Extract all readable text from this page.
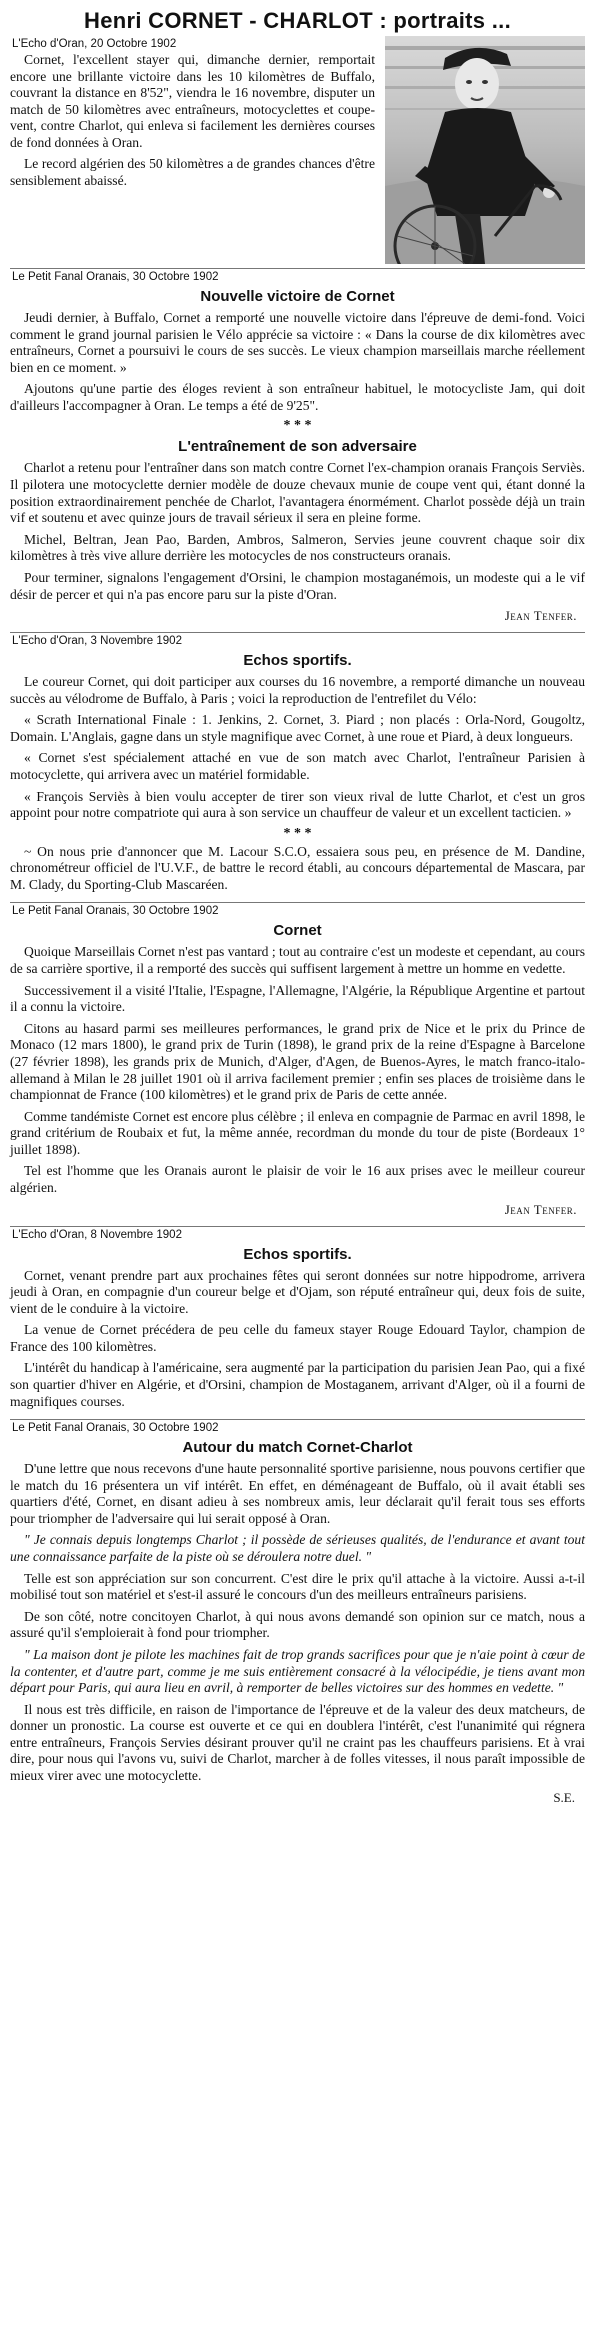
Henri CORNET - CHARLOT : portraits ...
L'Echo d'Oran, 20 Octobre 1902

Cornet, l'excellent stayer qui, dimanche dernier, remportait encore une brillante victoire dans les 10 kilomètres de Buffalo, couvrant la distance en 8'52", viendra le 16 novembre, disputer un match de 50 kilomètres avec entraîneurs, motocyclettes et coupe-vent, contre Charlot, qui enleva si facilement les dernières courses de fond données à Oran.

Le record algérien des 50 kilomètres a de grandes chances d'être sensiblement abaissé.

Le Petit Fanal Oranais, 30 Octobre 1902
Nouvelle victoire de Cornet

Jeudi dernier, à Buffalo, Cornet a remporté une nouvelle victoire dans l'épreuve de demi-fond. Voici comment le grand journal parisien le Vélo apprécie sa victoire : « Dans la course de dix kilomètres avec entraîneurs, Cornet a poursuivi le cours de ses succès. Le vieux champion marseillais marche réellement bien en ce moment. »

Ajoutons qu'une partie des éloges revient à son entraîneur habituel, le motocycliste Jam, qui doit d'ailleurs l'accompagner à Oran. Le temps a été de 9'25".

* * *
L'entraînement de son adversaire

Charlot a retenu pour l'entraîner dans son match contre Cornet l'ex-champion oranais François Serviès. Il pilotera une motocyclette dernier modèle de douze chevaux munie de coupe vent qui, étant donné la position extraordinairement penchée de Charlot, l'avantagera énormément. Charlot possède déjà un train vif et soutenu et avec quinze jours de travail sérieux il sera en pleine forme.

Michel, Beltran, Jean Pao, Barden, Ambros, Salmeron, Servies jeune couvrent chaque soir dix kilomètres à très vive allure derrière les motocycles de nos constructeurs oranais.

Pour terminer, signalons l'engagement d'Orsini, le champion mostaganémois, un modeste qui a le vif désir de percer et qui n'a pas encore paru sur la piste d'Oran.

Jean Tenfer.
L'Echo d'Oran, 3 Novembre 1902
Echos sportifs.

Le coureur Cornet, qui doit participer aux courses du 16 novembre, a remporté dimanche un nouveau succès au vélodrome de Buffalo, à Paris ; voici la reproduction de l'entrefilet du Vélo:

« Scrath International Finale : 1. Jenkins, 2. Cornet, 3. Piard ; non placés : Orla-Nord, Gougoltz, Domain. L'Anglais, gagne dans un style magnifique avec Cornet, à une roue et Piard, à deux longueurs.

« Cornet s'est spécialement attaché en vue de son match avec Charlot, l'entraîneur Parisien à motocyclette, qui arrivera avec un matériel formidable.

« François Serviès à bien voulu accepter de tirer son vieux rival de lutte Charlot, et c'est un gros appoint pour notre compatriote qui aura à son service un chauffeur de valeur et un excellent tacticien. »

* * *

~ On nous prie d'annoncer que M. Lacour S.C.O, essaiera sous peu, en présence de M. Dandine, chronométreur officiel de l'U.V.F., de battre le record établi, au concours départemental de Mascara, par M. Clady, du Sporting-Club Mascaréen.

Le Petit Fanal Oranais, 30 Octobre 1902
Cornet

Quoique Marseillais Cornet n'est pas vantard ; tout au contraire c'est un modeste et cependant, au cours de sa carrière sportive, il a remporté des succès qui suffisent largement à mettre un homme en vedette.

Successivement il a visité l'Italie, l'Espagne, l'Allemagne, l'Algérie, la République Argentine et partout il a connu la victoire.

Citons au hasard parmi ses meilleures performances, le grand prix de Nice et le prix du Prince de Monaco (12 mars 1800), le grand prix de Turin (1898), le grand prix de la reine d'Espagne à Barcelone (27 février 1898), les grands prix de Munich, d'Alger, d'Agen, de Buenos-Ayres, le match franco-italo-allemand à Milan le 28 juillet 1901 où il arriva facilement premier ; enfin ses places de troisième dans le championnat de France (100 kilomètres) et le grand prix de Paris de cette année.

Comme tandémiste Cornet est encore plus célèbre ; il enleva en compagnie de Parmac en avril 1898, le grand critérium de Roubaix et fut, la même année, recordman du monde du tour de piste (Bordeaux 1° juillet 1898).

Tel est l'homme que les Oranais auront le plaisir de voir le 16 aux prises avec le meilleur coureur algérien.

Jean Tenfer.
L'Echo d'Oran, 8 Novembre 1902
Echos sportifs.

Cornet, venant prendre part aux prochaines fêtes qui seront données sur notre hippodrome, arrivera jeudi à Oran, en compagnie d'un coureur belge et d'Ojam, son réputé entraîneur qui, deux fois de suite, vient de le conduire à la victoire.

La venue de Cornet précédera de peu celle du fameux stayer Rouge Edouard Taylor, champion de France des 100 kilomètres.

L'intérêt du handicap à l'américaine, sera augmenté par la participation du parisien Jean Pao, qui a fixé son quartier d'hiver en Algérie, et d'Orsini, champion de Mostaganem, arrivant d'Alger, où il a fourni de magnifiques courses.

Le Petit Fanal Oranais, 30 Octobre 1902
Autour du match Cornet-Charlot

D'une lettre que nous recevons d'une haute personnalité sportive parisienne, nous pouvons certifier que le match du 16 présentera un vif intérêt. En effet, en déménageant de Buffalo, où il avait établi ses quartiers d'été, Cornet, en disant adieu à ses nombreux amis, leur déclarait qu'il ferait tous ses efforts pour triompher de l'adversaire qui lui serait opposé à Oran.

" Je connais depuis longtemps Charlot ; il possède de sérieuses qualités, de l'endurance et avant tout une connaissance parfaite de la piste où se déroulera notre duel. "

Telle est son appréciation sur son concurrent. C'est dire le prix qu'il attache à la victoire. Aussi a-t-il mobilisé tout son matériel et s'est-il assuré le concours d'un des meilleurs entraîneurs parisiens.

De son côté, notre concitoyen Charlot, à qui nous avons demandé son opinion sur ce match, nous a assuré qu'il s'emploierait à fond pour triompher.

" La maison dont je pilote les machines fait de trop grands sacrifices pour que je n'aie point à cœur de la contenter, et d'autre part, comme je me suis entièrement consacré à la vélocipédie, je tiens avant mon départ pour Paris, qui aura lieu en avril, à remporter de belles victoires sur des hommes en vedette. "

Il nous est très difficile, en raison de l'importance de l'épreuve et de la valeur des deux matcheurs, de donner un pronostic. La course est ouverte et ce qui en doublera l'intérêt, c'est l'unanimité qui régnera entre entraîneurs, François Servies désirant prouver qu'il ne craint pas les chauffeurs parisiens. Et à vrai dire, pour nous qui l'avons vu, suivi de Charlot, marcher à de folles vitesses, il nous paraît impossible de mieux virer avec une motocyclette.

S.E.
